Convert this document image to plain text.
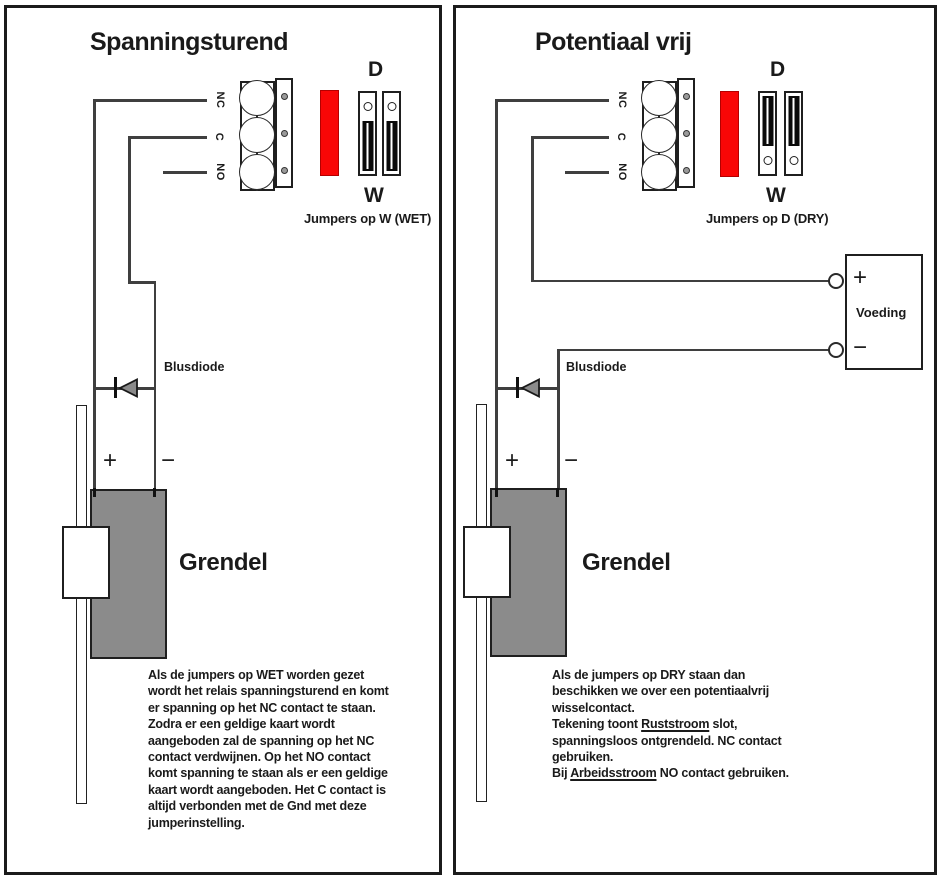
Spanningsturend
NC
C
NO
D
W
Jumpers op W (WET)
Blusdiode
+ −
Grendel
Als de jumpers op WET worden gezet
wordt het relais spanningsturend en komt
er spanning op het NC contact te staan.
Zodra er een geldige kaart wordt
aangeboden zal de spanning op het NC
contact verdwijnen. Op het NO contact
komt spanning te staan als er een geldige
kaart wordt aangeboden. Het C contact is
altijd verbonden met de Gnd met deze
jumperinstelling.
Potentiaal vrij
NC
C
NO
D
W
Jumpers op D (DRY)
+
Voeding
−
Blusdiode
+ −
Grendel
Als de jumpers op DRY staan dan
beschikken we over een potentiaalvrij
wisselcontact.
Tekening toont Ruststroom slot,
spanningsloos ontgrendeld. NC contact
gebruiken.
Bij Arbeidsstroom NO contact gebruiken.
